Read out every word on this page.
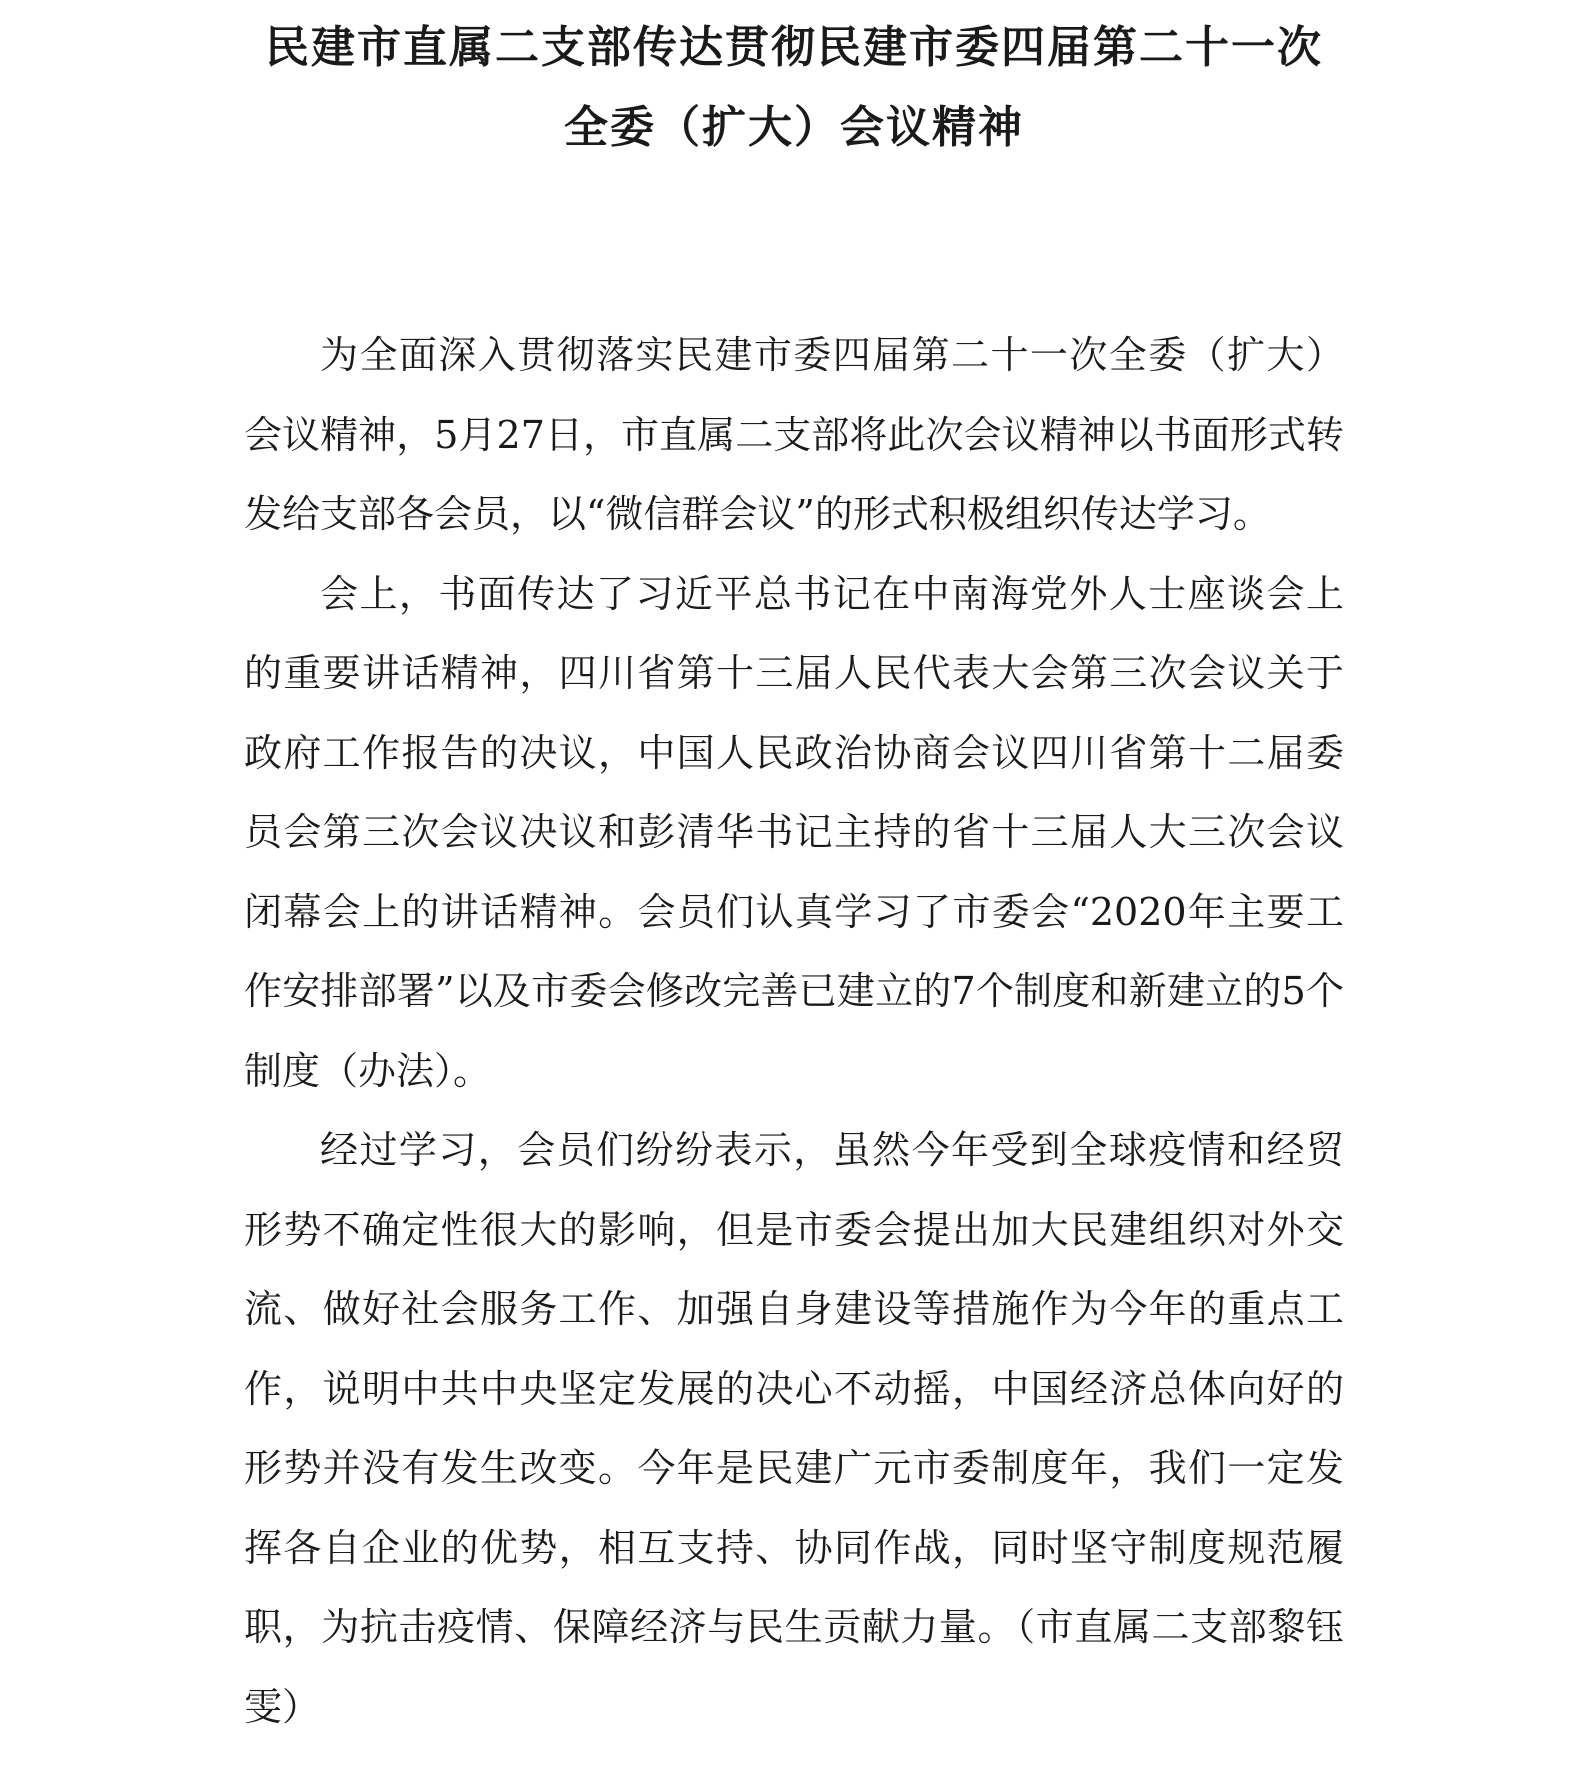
民建市直属二支部传达贯彻民建市委四届第二十一次
全委（扩大）会议精神

为全面深入贯彻落实民建市委四届第二十一次全委（扩大）会议精神，5月27日，市直属二支部将此次会议精神以书面形式转发给支部各会员，以“微信群会议”的形式积极组织传达学习。

会上，书面传达了习近平总书记在中南海党外人士座谈会上的重要讲话精神，四川省第十三届人民代表大会第三次会议关于政府工作报告的决议，中国人民政治协商会议四川省第十二届委员会第三次会议决议和彭清华书记主持的省十三届人大三次会议闭幕会上的讲话精神。会员们认真学习了市委会“2020年主要工作安排部署”以及市委会修改完善已建立的7个制度和新建立的5个制度（办法）。

经过学习，会员们纷纷表示，虽然今年受到全球疫情和经贸形势不确定性很大的影响，但是市委会提出加大民建组织对外交流、做好社会服务工作、加强自身建设等措施作为今年的重点工作，说明中共中央坚定发展的决心不动摇，中国经济总体向好的形势并没有发生改变。今年是民建广元市委制度年，我们一定发挥各自企业的优势，相互支持、协同作战，同时坚守制度规范履职，为抗击疫情、保障经济与民生贡献力量。（市直属二支部黎钰雯）
